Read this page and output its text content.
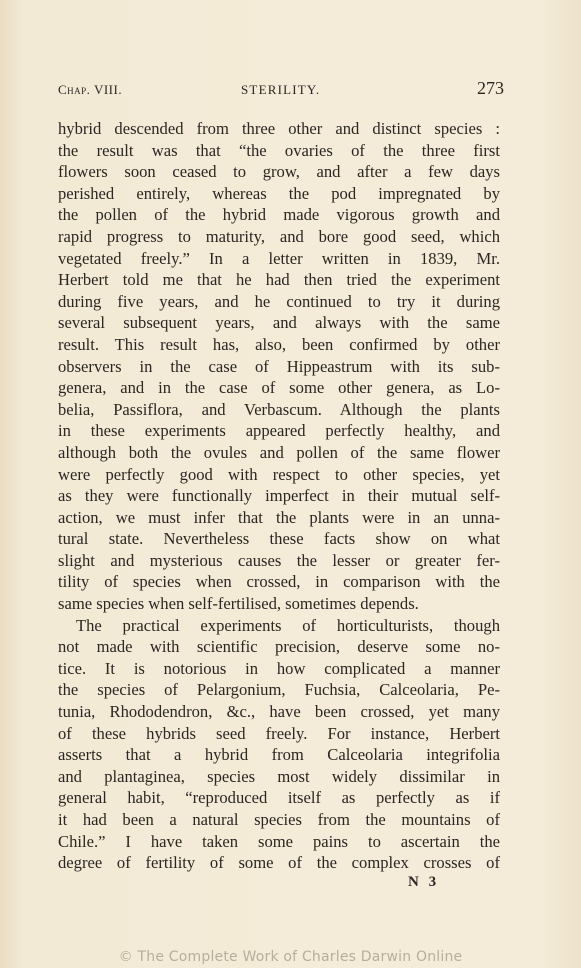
Chap. VIII.	STERILITY.	273
hybrid descended from three other and distinct species :
the result was that “the ovaries of the three first
flowers soon ceased to grow, and after a few days
perished entirely, whereas the pod impregnated by
the pollen of the hybrid made vigorous growth and
rapid progress to maturity, and bore good seed, which
vegetated freely.” In a letter written in 1839, Mr.
Herbert told me that he had then tried the experiment
during five years, and he continued to try it during
several subsequent years, and always with the same
result. This result has, also, been confirmed by other
observers in the case of Hippeastrum with its sub-
genera, and in the case of some other genera, as Lo-
belia, Passiflora, and Verbascum. Although the plants
in these experiments appeared perfectly healthy, and
although both the ovules and pollen of the same flower
were perfectly good with respect to other species, yet
as they were functionally imperfect in their mutual self-
action, we must infer that the plants were in an unna-
tural state. Nevertheless these facts show on what
slight and mysterious causes the lesser or greater fer-
tility of species when crossed, in comparison with the
same species when self-fertilised, sometimes depends.
The practical experiments of horticulturists, though
not made with scientific precision, deserve some no-
tice. It is notorious in how complicated a manner
the species of Pelargonium, Fuchsia, Calceolaria, Pe-
tunia, Rhododendron, &c., have been crossed, yet many
of these hybrids seed freely. For instance, Herbert
asserts that a hybrid from Calceolaria integrifolia
and plantaginea, species most widely dissimilar in
general habit, “reproduced itself as perfectly as if
it had been a natural species from the mountains of
Chile.” I have taken some pains to ascertain the
degree of fertility of some of the complex crosses of
N 3
© The Complete Work of Charles Darwin Online
